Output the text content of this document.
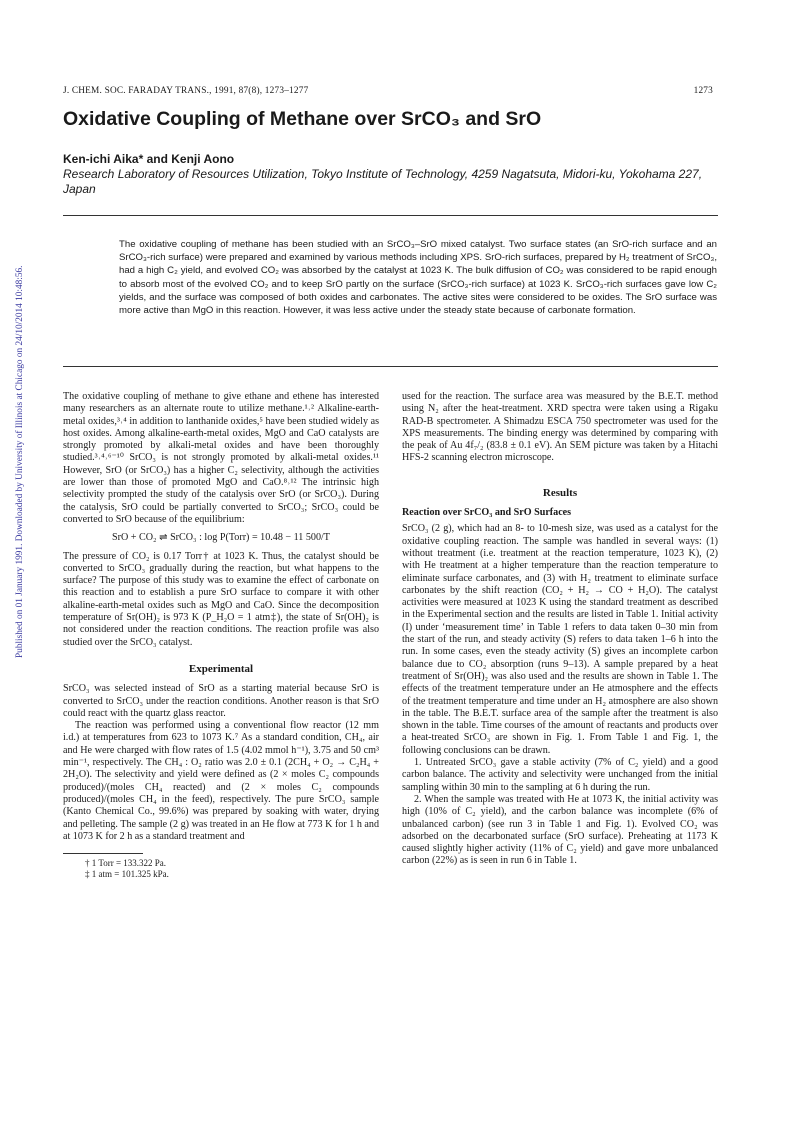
J. CHEM. SOC. FARADAY TRANS., 1991, 87(8), 1273–1277	1273
Oxidative Coupling of Methane over SrCO₃ and SrO
Ken-ichi Aika* and Kenji Aono
Research Laboratory of Resources Utilization, Tokyo Institute of Technology, 4259 Nagatsuta, Midori-ku, Yokohama 227, Japan
The oxidative coupling of methane has been studied with an SrCO₃–SrO mixed catalyst. Two surface states (an SrO-rich surface and an SrCO₃-rich surface) were prepared and examined by various methods including XPS. SrO-rich surfaces, prepared by H₂ treatment of SrCO₃, had a high C₂ yield, and evolved CO₂ was absorbed by the catalyst at 1023 K. The bulk diffusion of CO₂ was considered to be rapid enough to absorb most of the evolved CO₂ and to keep SrO partly on the surface (SrCO₃-rich surface) at 1023 K. SrCO₃-rich surfaces gave low C₂ yields, and the surface was composed of both oxides and carbonates. The active sites were considered to be oxides. The SrO surface was more active than MgO in this reaction. However, it was less active under the steady state because of carbonate formation.
Published on 01 January 1991. Downloaded by University of Illinois at Chicago on 24/10/2014 10:48:56.	The oxidative coupling of methane to give ethane and ethene has interested many researchers as an alternate route to utilize methane.¹˒² Alkaline-earth-metal oxides,³˒⁴ in addition to lanthanide oxides,⁵ have been studied widely as host oxides. Among alkaline-earth-metal oxides, MgO and CaO catalysts are strongly promoted by alkali-metal oxides and have been thoroughly studied.³˒⁴˒⁶⁻¹⁰ SrCO₃ is not strongly promoted by alkali-metal oxides.¹¹ However, SrO (or SrCO₃) has a higher C₂ selectivity, although the activities are lower than those of promoted MgO and CaO.⁸˒¹² The intrinsic high selectivity prompted the study of the catalysis over SrO (or SrCO₃). During the catalysis, SrO could be partially converted to SrCO₃; SrCO₃ could be converted to SrO because of the equilibrium:

SrO + CO₂ ⇌ SrCO₃ : log P(Torr) = 10.48 − 11 500/T

The pressure of CO₂ is 0.17 Torr† at 1023 K. Thus, the catalyst should be converted to SrCO₃ gradually during the reaction, but what happens to the surface? The purpose of this study was to examine the effect of carbonate on this reaction and to establish a pure SrO surface to compare it with other alkaline-earth-metal oxides such as MgO and CaO. Since the decomposition temperature of Sr(OH)₂ is 973 K (P_H₂O = 1 atm‡), the state of Sr(OH)₂ is not considered under the reaction conditions. The reaction profile was also studied over the SrCO₃ catalyst.

Experimental

SrCO₃ was selected instead of SrO as a starting material because SrO is converted to SrCO₃ under the reaction conditions. Another reason is that SrO could react with the quartz glass reactor.

The reaction was performed using a conventional flow reactor (12 mm i.d.) at temperatures from 623 to 1073 K.⁷ As a standard condition, CH₄, air and He were charged with flow rates of 1.5 (4.02 mmol h⁻¹), 3.75 and 50 cm³ min⁻¹, respectively. The CH₄ : O₂ ratio was 2.0 ± 0.1 (2CH₄ + O₂ → C₂H₄ + 2H₂O). The selectivity and yield were defined as (2 × moles C₂ compounds produced)/(moles CH₄ reacted) and (2 × moles C₂ compounds produced)/(moles CH₄ in the feed), respectively. The pure SrCO₃ sample (Kanto Chemical Co., 99.6%) was prepared by soaking with water, drying and pelleting. The sample (2 g) was treated in an He flow at 773 K for 1 h and at 1073 K for 2 h as a standard treatment and

† 1 Torr = 133.322 Pa.
‡ 1 atm = 101.325 kPa.

used for the reaction. The surface area was measured by the B.E.T. method using N₂ after the heat-treatment. XRD spectra were taken using a Rigaku RAD-B spectrometer. A Shimadzu ESCA 750 spectrometer was used for the XPS measurements. The binding energy was determined by comparing with the peak of Au 4f₇/₂ (83.8 ± 0.1 eV). An SEM picture was taken by a Hitachi HFS-2 scanning electron microscope.

Results
Reaction over SrCO₃ and SrO Surfaces

SrCO₃ (2 g), which had an 8- to 10-mesh size, was used as a catalyst for the oxidative coupling reaction. The sample was handled in several ways: (1) without treatment (i.e. treatment at the reaction temperature, 1023 K), (2) with He treatment at a higher temperature than the reaction temperature to eliminate surface carbonates, and (3) with H₂ treatment to eliminate surface carbonates by the shift reaction (CO₂ + H₂ → CO + H₂O). The catalyst activities were measured at 1023 K using the standard treatment as described in the Experimental section and the results are listed in Table 1. Initial activity (I) under ‘measurement time’ in Table 1 refers to data taken 0–30 min from the start of the run, and steady activity (S) refers to data taken 1–6 h into the run. In some cases, even the steady activity (S) gives an incomplete carbon balance due to CO₂ absorption (runs 9–13). A sample prepared by a heat treatment of Sr(OH)₂ was also used and the results are shown in Table 1. The effects of the treatment temperature under an He atmosphere and the effects of the treatment temperature and time under an H₂ atmosphere are also shown in the table. The B.E.T. surface area of the sample after the treatment is also shown in the table. Time courses of the amount of reactants and products over a heat-treated SrCO₃ are shown in Fig. 1. From Table 1 and Fig. 1, the following conclusions can be drawn.

1. Untreated SrCO₃ gave a stable activity (7% of C₂ yield) and a good carbon balance. The activity and selectivity were unchanged from the initial sampling within 30 min to the sampling at 6 h during the run.

2. When the sample was treated with He at 1073 K, the initial activity was high (10% of C₂ yield), and the carbon balance was incomplete (6% of unbalanced carbon) (see run 3 in Table 1 and Fig. 1). Evolved CO₂ was adsorbed on the decarbonated surface (SrO surface). Preheating at 1173 K caused slightly higher activity (11% of C₂ yield) and gave more unbalanced carbon (22%) as is seen in run 6 in Table 1.
